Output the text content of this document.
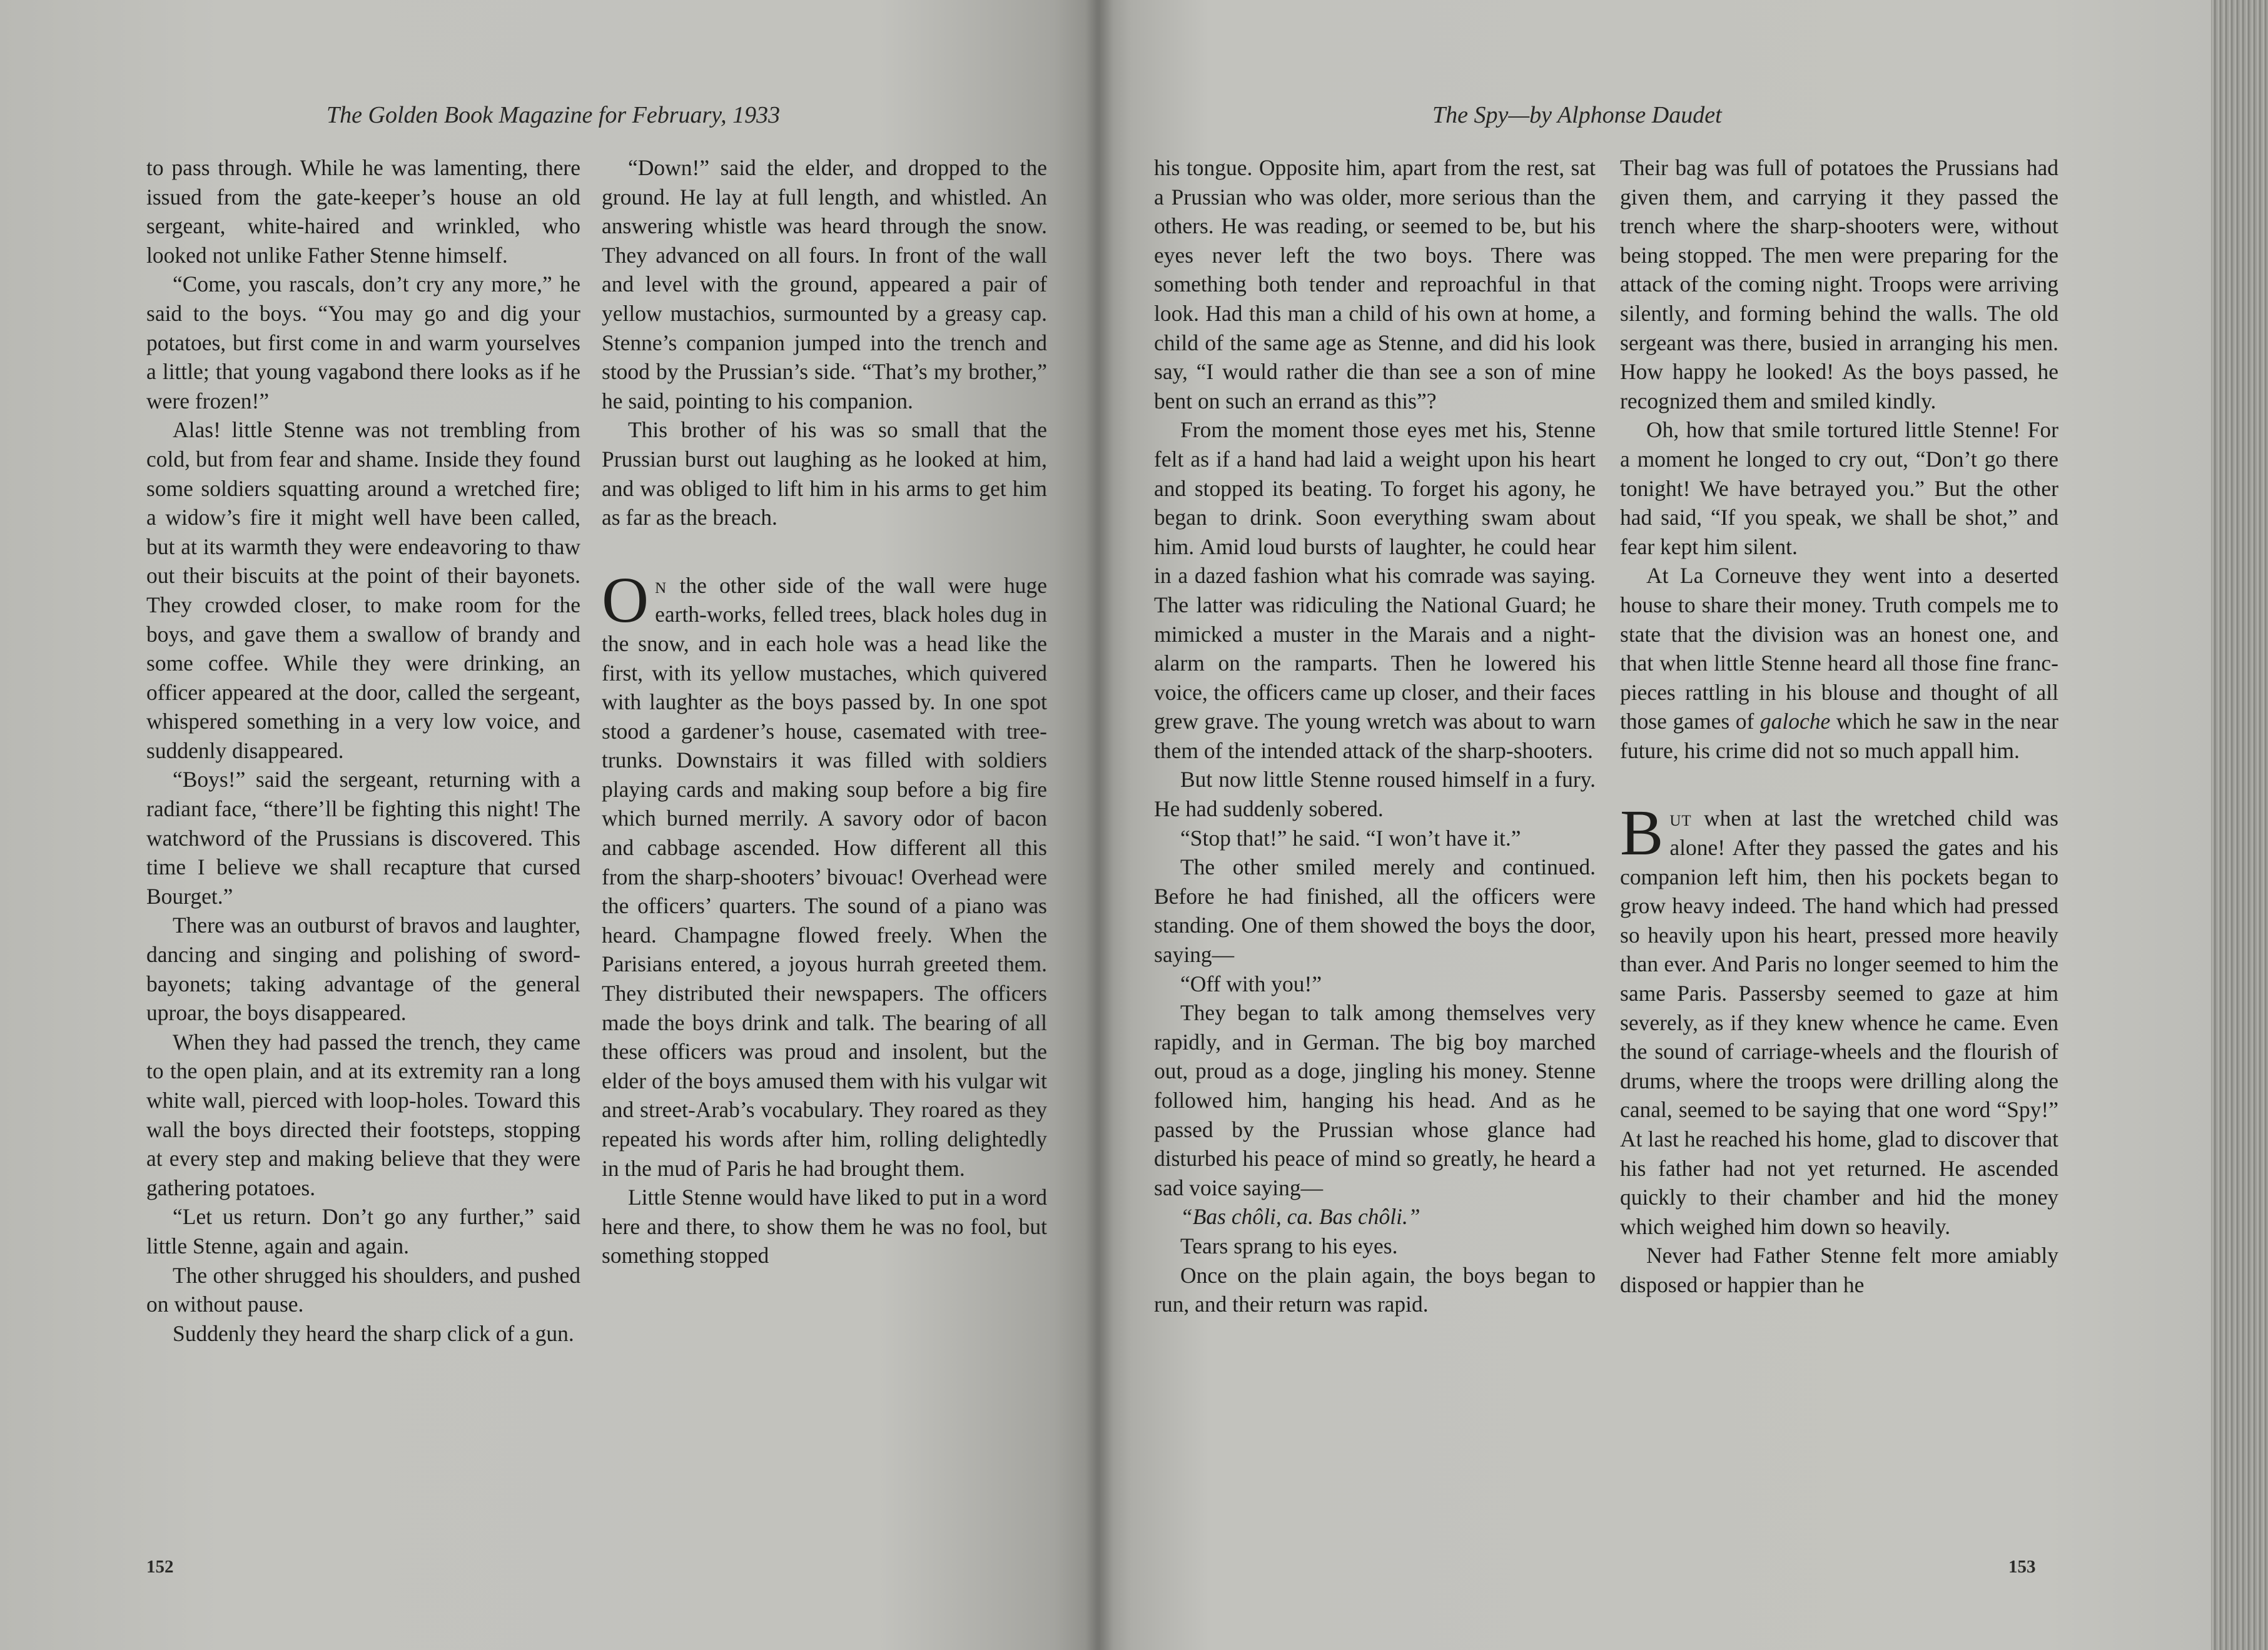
The Golden Book Magazine for February, 1933

to pass through. While he was lamenting, there issued from the gate-keeper’s house an old sergeant, white-haired and wrinkled, who looked not unlike Father Stenne himself.

“Come, you rascals, don’t cry any more,” he said to the boys. “You may go and dig your potatoes, but first come in and warm yourselves a little; that young vagabond there looks as if he were frozen!”

Alas! little Stenne was not trembling from cold, but from fear and shame. Inside they found some soldiers squatting around a wretched fire; a widow’s fire it might well have been called, but at its warmth they were endeavoring to thaw out their biscuits at the point of their bayonets. They crowded closer, to make room for the boys, and gave them a swallow of brandy and some coffee. While they were drinking, an officer appeared at the door, called the sergeant, whispered something in a very low voice, and suddenly disappeared.

“Boys!” said the sergeant, returning with a radiant face, “there’ll be fighting this night! The watchword of the Prussians is discovered. This time I believe we shall recapture that cursed Bourget.”

There was an outburst of bravos and laughter, dancing and singing and polishing of sword-bayonets; taking advantage of the general uproar, the boys disappeared.

When they had passed the trench, they came to the open plain, and at its extremity ran a long white wall, pierced with loop-holes. Toward this wall the boys directed their footsteps, stopping at every step and making believe that they were gathering potatoes.

“Let us return. Don’t go any further,” said little Stenne, again and again.

The other shrugged his shoulders, and pushed on without pause.

Suddenly they heard the sharp click of a gun.

“Down!” said the elder, and dropped to the ground. He lay at full length, and whistled. An answering whistle was heard through the snow. They advanced on all fours. In front of the wall and level with the ground, appeared a pair of yellow mustachios, surmounted by a greasy cap. Stenne’s companion jumped into the trench and stood by the Prussian’s side. “That’s my brother,” he said, pointing to his companion.

This brother of his was so small that the Prussian burst out laughing as he looked at him, and was obliged to lift him in his arms to get him as far as the breach.

On the other side of the wall were huge earth-works, felled trees, black holes dug in the snow, and in each hole was a head like the first, with its yellow mustaches, which quivered with laughter as the boys passed by. In one spot stood a gardener’s house, casemated with tree-trunks. Downstairs it was filled with soldiers playing cards and making soup before a big fire which burned merrily. A savory odor of bacon and cabbage ascended. How different all this from the sharp-shooters’ bivouac! Overhead were the officers’ quarters. The sound of a piano was heard. Champagne flowed freely. When the Parisians entered, a joyous hurrah greeted them. They distributed their newspapers. The officers made the boys drink and talk. The bearing of all these officers was proud and insolent, but the elder of the boys amused them with his vulgar wit and street-Arab’s vocabulary. They roared as they repeated his words after him, rolling delightedly in the mud of Paris he had brought them.

Little Stenne would have liked to put in a word here and there, to show them he was no fool, but something stopped

152
The Spy—by Alphonse Daudet

his tongue. Opposite him, apart from the rest, sat a Prussian who was older, more serious than the others. He was reading, or seemed to be, but his eyes never left the two boys. There was something both tender and reproachful in that look. Had this man a child of his own at home, a child of the same age as Stenne, and did his look say, “I would rather die than see a son of mine bent on such an errand as this”?

From the moment those eyes met his, Stenne felt as if a hand had laid a weight upon his heart and stopped its beating. To forget his agony, he began to drink. Soon everything swam about him. Amid loud bursts of laughter, he could hear in a dazed fashion what his comrade was saying. The latter was ridiculing the National Guard; he mimicked a muster in the Marais and a night-alarm on the ramparts. Then he lowered his voice, the officers came up closer, and their faces grew grave. The young wretch was about to warn them of the intended attack of the sharp-shooters.

But now little Stenne roused himself in a fury. He had suddenly sobered.

“Stop that!” he said. “I won’t have it.”

The other smiled merely and continued. Before he had finished, all the officers were standing. One of them showed the boys the door, saying—

“Off with you!”

They began to talk among themselves very rapidly, and in German. The big boy marched out, proud as a doge, jingling his money. Stenne followed him, hanging his head. And as he passed by the Prussian whose glance had disturbed his peace of mind so greatly, he heard a sad voice saying—

“Bas chôli, ca. Bas chôli.”

Tears sprang to his eyes.

Once on the plain again, the boys began to run, and their return was rapid.

Their bag was full of potatoes the Prussians had given them, and carrying it they passed the trench where the sharp-shooters were, without being stopped. The men were preparing for the attack of the coming night. Troops were arriving silently, and forming behind the walls. The old sergeant was there, busied in arranging his men. How happy he looked! As the boys passed, he recognized them and smiled kindly.

Oh, how that smile tortured little Stenne! For a moment he longed to cry out, “Don’t go there tonight! We have betrayed you.” But the other had said, “If you speak, we shall be shot,” and fear kept him silent.

At La Corneuve they went into a deserted house to share their money. Truth compels me to state that the division was an honest one, and that when little Stenne heard all those fine franc-pieces rattling in his blouse and thought of all those games of galoche which he saw in the near future, his crime did not so much appall him.

But when at last the wretched child was alone! After they passed the gates and his companion left him, then his pockets began to grow heavy indeed. The hand which had pressed so heavily upon his heart, pressed more heavily than ever. And Paris no longer seemed to him the same Paris. Passersby seemed to gaze at him severely, as if they knew whence he came. Even the sound of carriage-wheels and the flourish of drums, where the troops were drilling along the canal, seemed to be saying that one word “Spy!” At last he reached his home, glad to discover that his father had not yet returned. He ascended quickly to their chamber and hid the money which weighed him down so heavily.

Never had Father Stenne felt more amiably disposed or happier than he

153
